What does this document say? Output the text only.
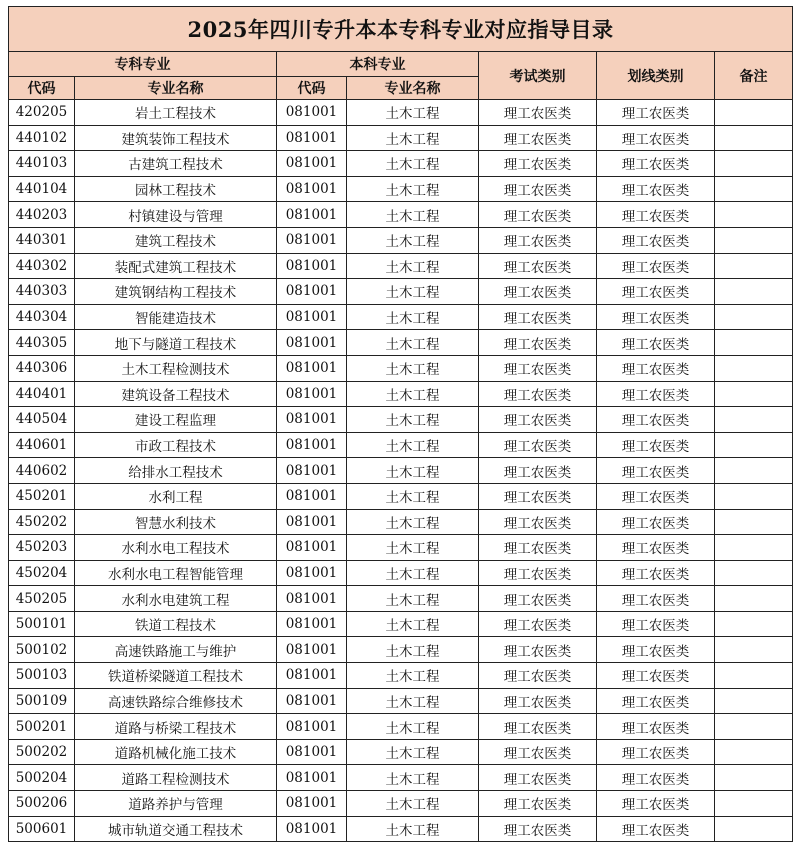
2025年四川专升本本专科专业对应指导目录						
专科专业		本科专业		考试类别	划线类别	备注
代码	专业名称	代码	专业名称			
420205	岩土工程技术	081001	土木工程	理工农医类	理工农医类	
440102	建筑装饰工程技术	081001	土木工程	理工农医类	理工农医类	
440103	古建筑工程技术	081001	土木工程	理工农医类	理工农医类	
440104	园林工程技术	081001	土木工程	理工农医类	理工农医类	
440203	村镇建设与管理	081001	土木工程	理工农医类	理工农医类	
440301	建筑工程技术	081001	土木工程	理工农医类	理工农医类	
440302	装配式建筑工程技术	081001	土木工程	理工农医类	理工农医类	
440303	建筑钢结构工程技术	081001	土木工程	理工农医类	理工农医类	
440304	智能建造技术	081001	土木工程	理工农医类	理工农医类	
440305	地下与隧道工程技术	081001	土木工程	理工农医类	理工农医类	
440306	土木工程检测技术	081001	土木工程	理工农医类	理工农医类	
440401	建筑设备工程技术	081001	土木工程	理工农医类	理工农医类	
440504	建设工程监理	081001	土木工程	理工农医类	理工农医类	
440601	市政工程技术	081001	土木工程	理工农医类	理工农医类	
440602	给排水工程技术	081001	土木工程	理工农医类	理工农医类	
450201	水利工程	081001	土木工程	理工农医类	理工农医类	
450202	智慧水利技术	081001	土木工程	理工农医类	理工农医类	
450203	水利水电工程技术	081001	土木工程	理工农医类	理工农医类	
450204	水利水电工程智能管理	081001	土木工程	理工农医类	理工农医类	
450205	水利水电建筑工程	081001	土木工程	理工农医类	理工农医类	
500101	铁道工程技术	081001	土木工程	理工农医类	理工农医类	
500102	高速铁路施工与维护	081001	土木工程	理工农医类	理工农医类	
500103	铁道桥梁隧道工程技术	081001	土木工程	理工农医类	理工农医类	
500109	高速铁路综合维修技术	081001	土木工程	理工农医类	理工农医类	
500201	道路与桥梁工程技术	081001	土木工程	理工农医类	理工农医类	
500202	道路机械化施工技术	081001	土木工程	理工农医类	理工农医类	
500204	道路工程检测技术	081001	土木工程	理工农医类	理工农医类	
500206	道路养护与管理	081001	土木工程	理工农医类	理工农医类	
500601	城市轨道交通工程技术	081001	土木工程	理工农医类	理工农医类	
